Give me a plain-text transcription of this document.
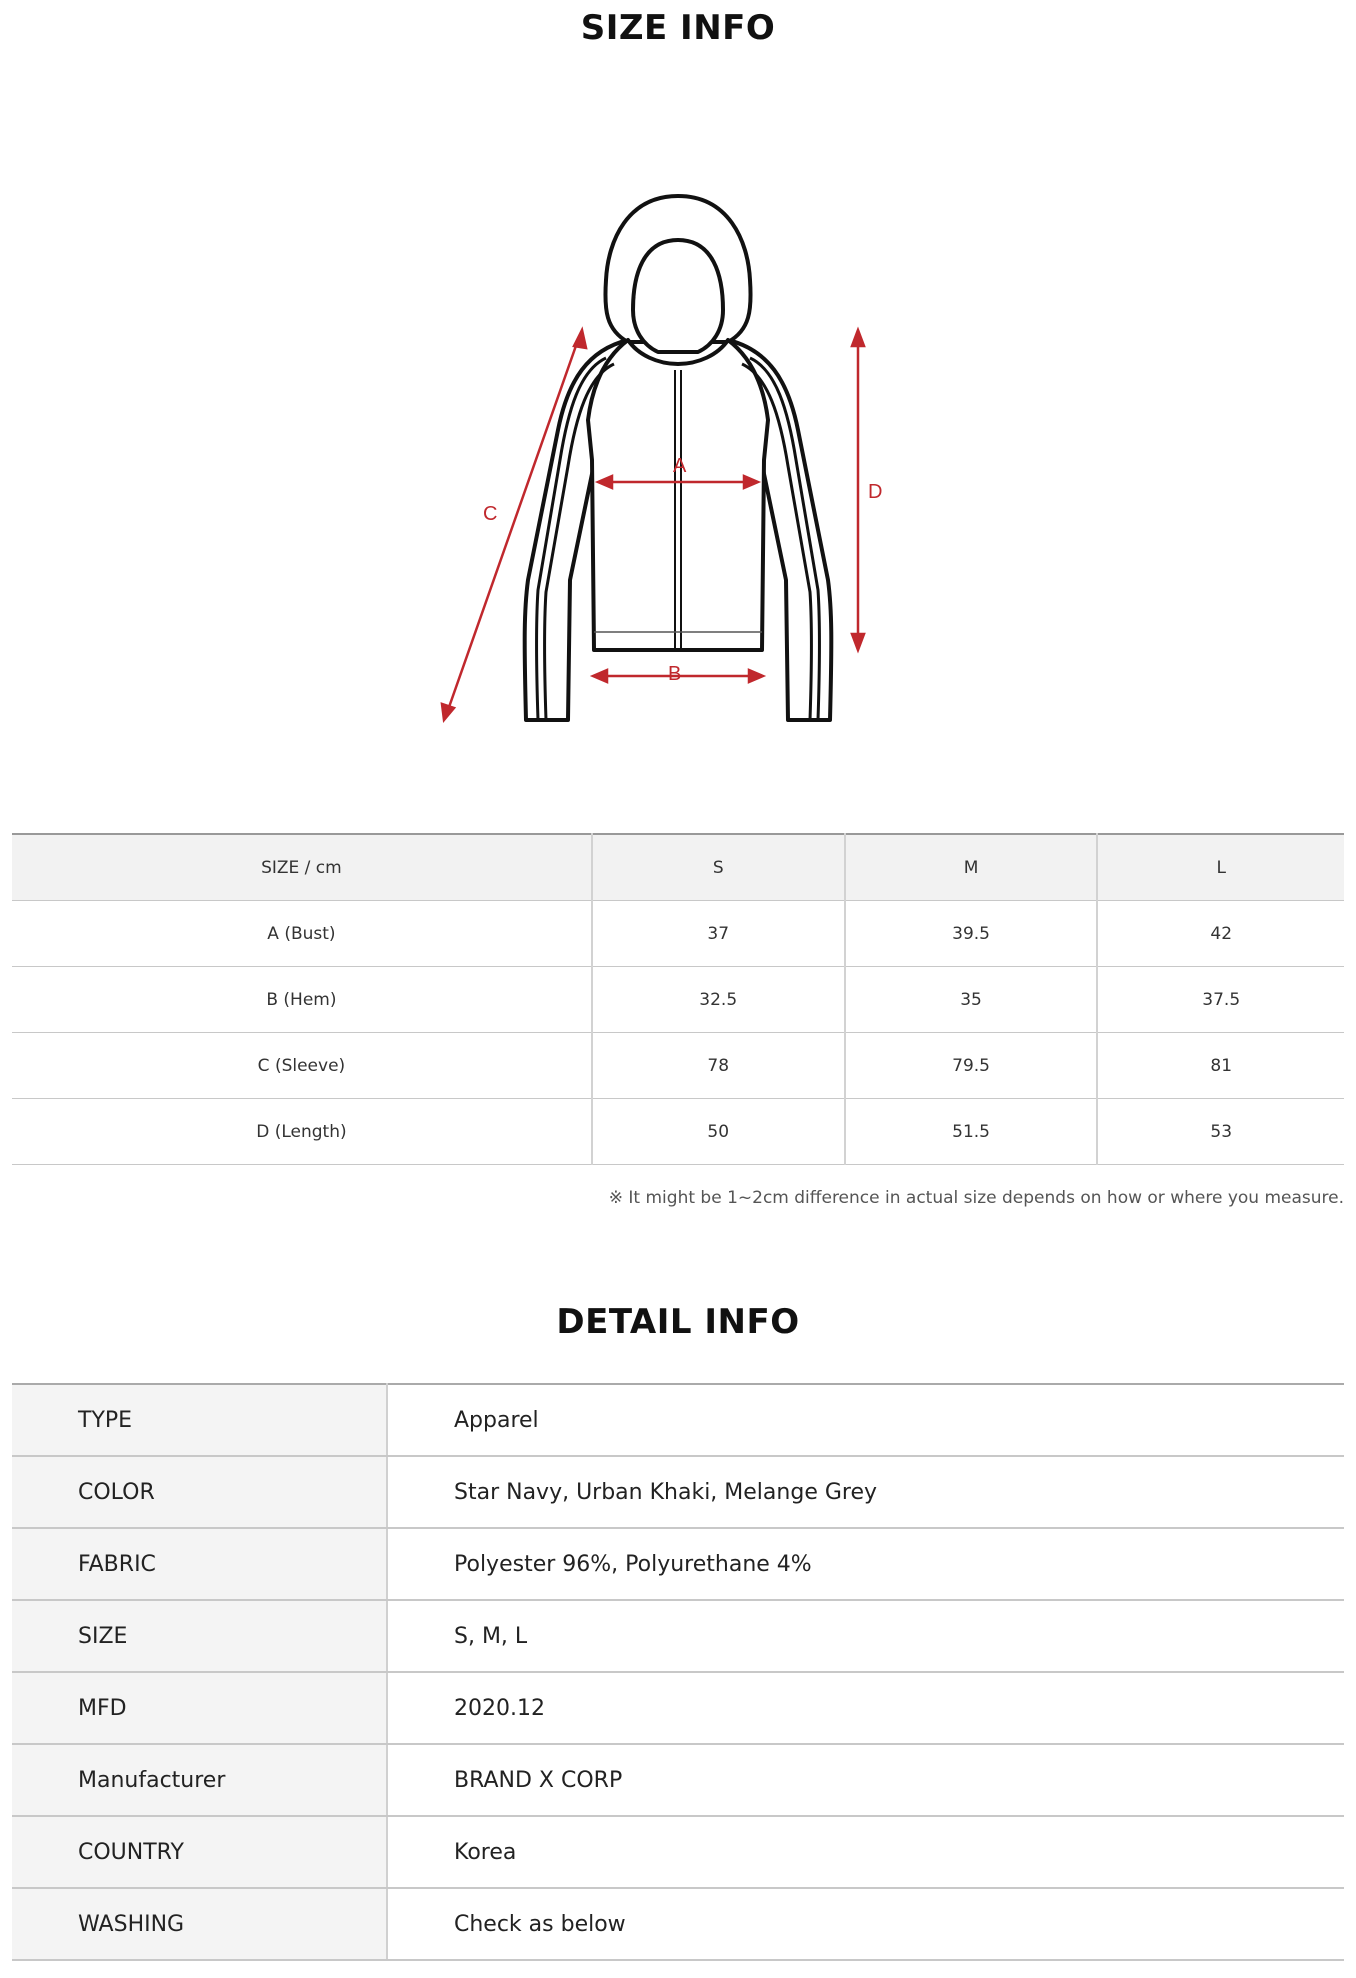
SIZE INFO
A
B
C
D
SIZE / cm	S	M	L
A (Bust)	37	39.5	42
B (Hem)	32.5	35	37.5
C (Sleeve)	78	79.5	81
D (Length)	50	51.5	53
※ It might be 1~2cm difference in actual size depends on how or where you measure.
DETAIL INFO
TYPE	Apparel
COLOR	Star Navy, Urban Khaki, Melange Grey
FABRIC	Polyester 96%, Polyurethane 4%
SIZE	S, M, L
MFD	2020.12
Manufacturer	BRAND X CORP
COUNTRY	Korea
WASHING	Check as below
